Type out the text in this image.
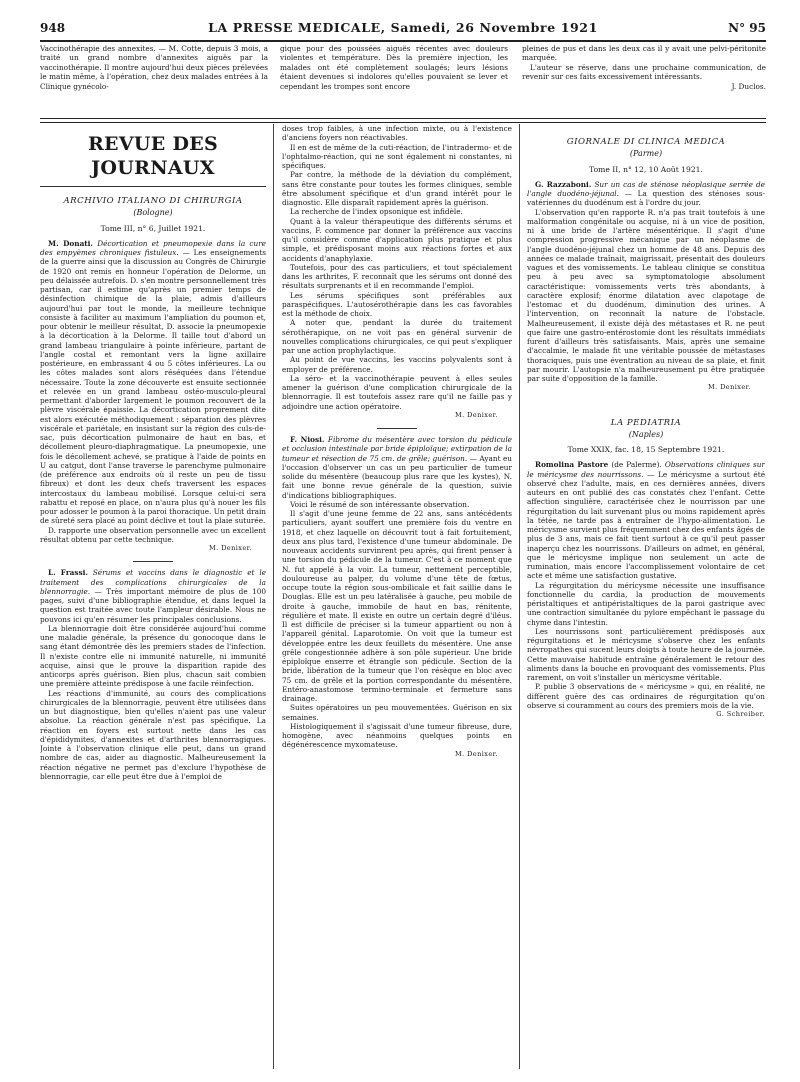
948	LA PRESSE MEDICALE, Samedi, 26 Novembre 1921	N° 95

Vaccinothérapie des annexites. — M. Cotte, depuis 3 mois, a traité un grand nombre d'annexites aiguës par la vaccinothérapie. Il montre aujourd'hui deux pièces prélevées le matin même, à l'opération, chez deux malades entrées à la Clinique gynécolo-

gique pour des poussées aiguës récentes avec douleurs violentes et température. Dès la première injection, les malades ont été complètement soulagés; leurs lésions étaient devenues si indolores qu'elles pouvaient se lever et cependant les trompes sont encore

pleines de pus et dans les deux cas il y avait une pelvi-péritonite marquée.

L'auteur se réserve, dans une prochaine communication, de revenir sur ces faits excessivement intéressants.

J. Duclos.
REVUE DES JOURNAUX
ARCHIVIO ITALIANO DI CHIRURGIA
(Bologne)
Tome III, n° 6, Juillet 1921.

M. Donati. Décortication et pneumopexie dans la cure des empyèmes chroniques fistuleux. — Les enseignements de la guerre ainsi que la discussion au Congrès de Chirurgie de 1920 ont remis en honneur l'opération de Delorme, un peu délaissée autrefois. D. s'en montre personnellement très partisan, car il estime qu'après un premier temps de désinfection chimique de la plaie, admis d'ailleurs aujourd'hui par tout le monde, la meilleure technique consiste à faciliter au maximum l'ampliation du poumon et, pour obtenir le meilleur résultat, D. associe la pneumopexie à la décortication à la Delorme. Il taille tout d'abord un grand lambeau triangulaire à pointe inférieure, partant de l'angle costal et remontant vers la ligne axillaire postérieure, en embrassant 4 ou 5 côtes inférieures. La ou les côtes malades sont alors réséquées dans l'étendue nécessaire. Toute la zone découverte est ensuite sectionnée et relevée en un grand lambeau ostéo-musculo-pleural permettant d'aborder largement le poumon recouvert de la plèvre viscérale épaissie. La décortication proprement dite est alors exécutée méthodiquement : séparation des plèvres viscérale et pariétale, en insistant sur la région des culs-de-sac, puis décortication pulmonaire de haut en bas, et décollement pleuro-diaphragmatique. La pneumopexie, une fois le décollement achevé, se pratique à l'aide de points en U au catgut, dont l'anse traverse le parenchyme pulmonaire (de préférence aux endroits où il reste un peu de tissu fibreux) et dont les deux chefs traversent les espaces intercostaux du lambeau mobilisé. Lorsque celui-ci sera rabattu et reposé en place, on n'aura plus qu'à nouer les fils pour adosser le poumon à la paroi thoracique. Un petit drain de sûreté sera placé au point déclive et tout la plaie suturée.

D. rapporte une observation personnelle avec un excellent résultat obtenu par cette technique.

M. Denixer.

L. Frassi. Sérums et vaccins dans le diagnostic et le traitement des complications chirurgicales de la blennorragie. — Très important mémoire de plus de 100 pages, suivi d'une bibliographie étendue, et dans lequel la question est traitée avec toute l'ampleur désirable. Nous ne pouvons ici qu'en résumer les principales conclusions.

La blennorragie doit être considérée aujourd'hui comme une maladie générale, la présence du gonocoque dans le sang étant démontrée dès les premiers stades de l'infection. Il n'existe contre elle ni immunité naturelle, ni immunité acquise, ainsi que le prouve la disparition rapide des anticorps après guérison. Bien plus, chacun sait combien une première atteinte prédispose à une facile réinfection.

Les réactions d'immunité, au cours des complications chirurgicales de la blennorragie, peuvent être utilisées dans un but diagnostique, bien qu'elles n'aient pas une valeur absolue. La réaction générale n'est pas spécifique. La réaction en foyers est surtout nette dans les cas d'épididymites, d'annexites et d'arthrites blennorragiques. Jointe à l'observation clinique elle peut, dans un grand nombre de cas, aider au diagnostic. Malheureusement la réaction négative ne permet pas d'exclure l'hypothèse de blennorragie, car elle peut être due à l'emploi de

doses trop faibles, à une infection mixte, ou à l'existence d'anciens foyers non réactivables.

Il en est de même de la cuti-réaction, de l'intradermo- et de l'ophtalmo-réaction, qui ne sont également ni constantes, ni spécifiques.

Par contre, la méthode de la déviation du complément, sans être constante pour toutes les formes cliniques, semble être absolument spécifique et d'un grand intérêt pour le diagnostic. Elle disparaît rapidement après la guérison.

La recherche de l'index opsonique est infidèle.

Quant à la valeur thérapeutique des différents sérums et vaccins, F. commence par donner la préférence aux vaccins qu'il considère comme d'application plus pratique et plus simple, et prédisposant moins aux réactions fortes et aux accidents d'anaphylaxie.

Toutefois, pour des cas particuliers, et tout spécialement dans les arthrites, F. reconnaît que les sérums ont donné des résultats surprenants et il en recommande l'emploi.

Les sérums spécifiques sont préférables aux paraspécifiques. L'autosérothérapie dans les cas favorables est la méthode de choix.

A noter que, pendant la durée du traitement sérothérapique, on ne voit pas en général survenir de nouvelles complications chirurgicales, ce qui peut s'expliquer par une action prophylactique.

Au point de vue vaccins, les vaccins polyvalents sont à employer de préférence.

La séro- et la vaccinothérapie peuvent à elles seules amener la guérison d'une complication chirurgicale de la blennorragie. Il est toutefois assez rare qu'il ne faille pas y adjoindre une action opératoire.

M. Denixer.

F. Niosi. Fibrome du mésentère avec torsion du pédicule et occlusion intestinale par bride épiploïque; extirpation de la tumeur et résection de 75 cm. de grêle; guérison. — Ayant eu l'occasion d'observer un cas un peu particulier de tumeur solide du mésentère (beaucoup plus rare que les kystes), N. fait une bonne revue générale de la question, suivie d'indications bibliographiques.

Voici le résumé de son intéressante observation.

Il s'agit d'une jeune femme de 22 ans, sans antécédents particuliers, ayant souffert une première fois du ventre en 1918, et chez laquelle on découvrit tout à fait fortuitement, deux ans plus tard, l'existence d'une tumeur abdominale. De nouveaux accidents survinrent peu après, qui firent penser à une torsion du pédicule de la tumeur. C'est à ce moment que N. fut appelé à la voir. La tumeur, nettement perceptible, douloureuse au palper, du volume d'une tête de fœtus, occupe toute la région sous-ombilicale et fait saillie dans le Douglas. Elle est un peu latéralisée à gauche, peu mobile de droite à gauche, immobile de haut en bas, rénitente, régulière et mate. Il existe en outre un certain degré d'iléus. Il est difficile de préciser si la tumeur appartient ou non à l'appareil génital. Laparotomie. On voit que la tumeur est développée entre les deux feuillets du mésentère. Une anse grêle congestionnée adhère à son pôle supérieur. Une bride épiploïque enserre et étrangle son pédicule. Section de la bride, libération de la tumeur que l'on résèque en bloc avec 75 cm. de grêle et la portion correspondante du mésentère. Entéro-anastomose termino-terminale et fermeture sans drainage.

Suites opératoires un peu mouvementées. Guérison en six semaines.

Histologiquement il s'agissait d'une tumeur fibreuse, dure, homogène, avec néanmoins quelques points en dégénérescence myxomateuse.

M. Denixer.
GIORNALE DI CLINICA MEDICA
(Parme)
Tome II, n° 12, 10 Août 1921.

G. Razzaboni. Sur un cas de sténose néoplasique serrée de l'angle duodéno-jéjunal. — La question des sténoses sous-vatériennes du duodénum est à l'ordre du jour.

L'observation qu'en rapporte R. n'a pas trait toutefois à une malformation congénitale ou acquise, ni à un vice de position, ni à une bride de l'artère mésentérique. Il s'agit d'une compression progressive mécanique par un néoplasme de l'angle duodéno-jéjunal chez un homme de 48 ans. Depuis des années ce malade traînait, maigrissait, présentait des douleurs vagues et des vomissements. Le tableau clinique se constitua peu à peu avec sa symptomatologie absolument caractéristique: vomissements verts très abondants, à caractère explosif; énorme dilatation avec clapotage de l'estomac et du duodénum, diminution des urines. A l'intervention, on reconnaît la nature de l'obstacle. Malheureusement, il existe déjà des métastases et R. ne peut que faire une gastro-entérostomie dont les résultats immédiats furent d'ailleurs très satisfaisants. Mais, après une semaine d'accalmie, le malade fit une véritable poussée de métastases thoraciques, puis une éventration au niveau de sa plaie, et finit par mourir. L'autopsie n'a malheureusement pu être pratiquée par suite d'opposition de la famille.

M. Denixer.
LA PEDIATRIA
(Naples)
Tome XXIX, fac. 18, 15 Septembre 1921.

Romolina Pastore (de Palerme). Observations cliniques sur le méricysme des nourrissons. — Le méricysme a surtout été observé chez l'adulte, mais, en ces dernières années, divers auteurs en ont publié des cas constatés chez l'enfant. Cette affection singulière, caractérisée chez le nourrisson par une régurgitation du lait survenant plus ou moins rapidement après la tétée, ne tarde pas à entraîner de l'hypo-alimentation. Le méricysme survient plus fréquemment chez des enfants âgés de plus de 3 ans, mais ce fait tient surtout à ce qu'il peut passer inaperçu chez les nourrissons. D'ailleurs on admet, en général, que le méricysme implique non seulement un acte de rumination, mais encore l'accomplissement volontaire de cet acte et même une satisfaction gustative.

La régurgitation du méricysme nécessite une insuffisance fonctionnelle du cardia, la production de mouvements péristaltiques et antipéristaltiques de la paroi gastrique avec une contraction simultanée du pylore empêchant le passage du chyme dans l'intestin.

Les nourrissons sont particulièrement prédisposés aux régurgitations et le méricysme s'observe chez les enfants névropathes qui sucent leurs doigts à toute heure de la journée. Cette mauvaise habitude entraîne généralement le retour des aliments dans la bouche en provoquant des vomissements. Plus rarement, on voit s'installer un méricysme véritable.

P. publie 3 observations de « méricysme » qui, en réalité, ne diffèrent guère des cas ordinaires de régurgitation qu'on observe si couramment au cours des premiers mois de la vie.
G. Schreiber.
